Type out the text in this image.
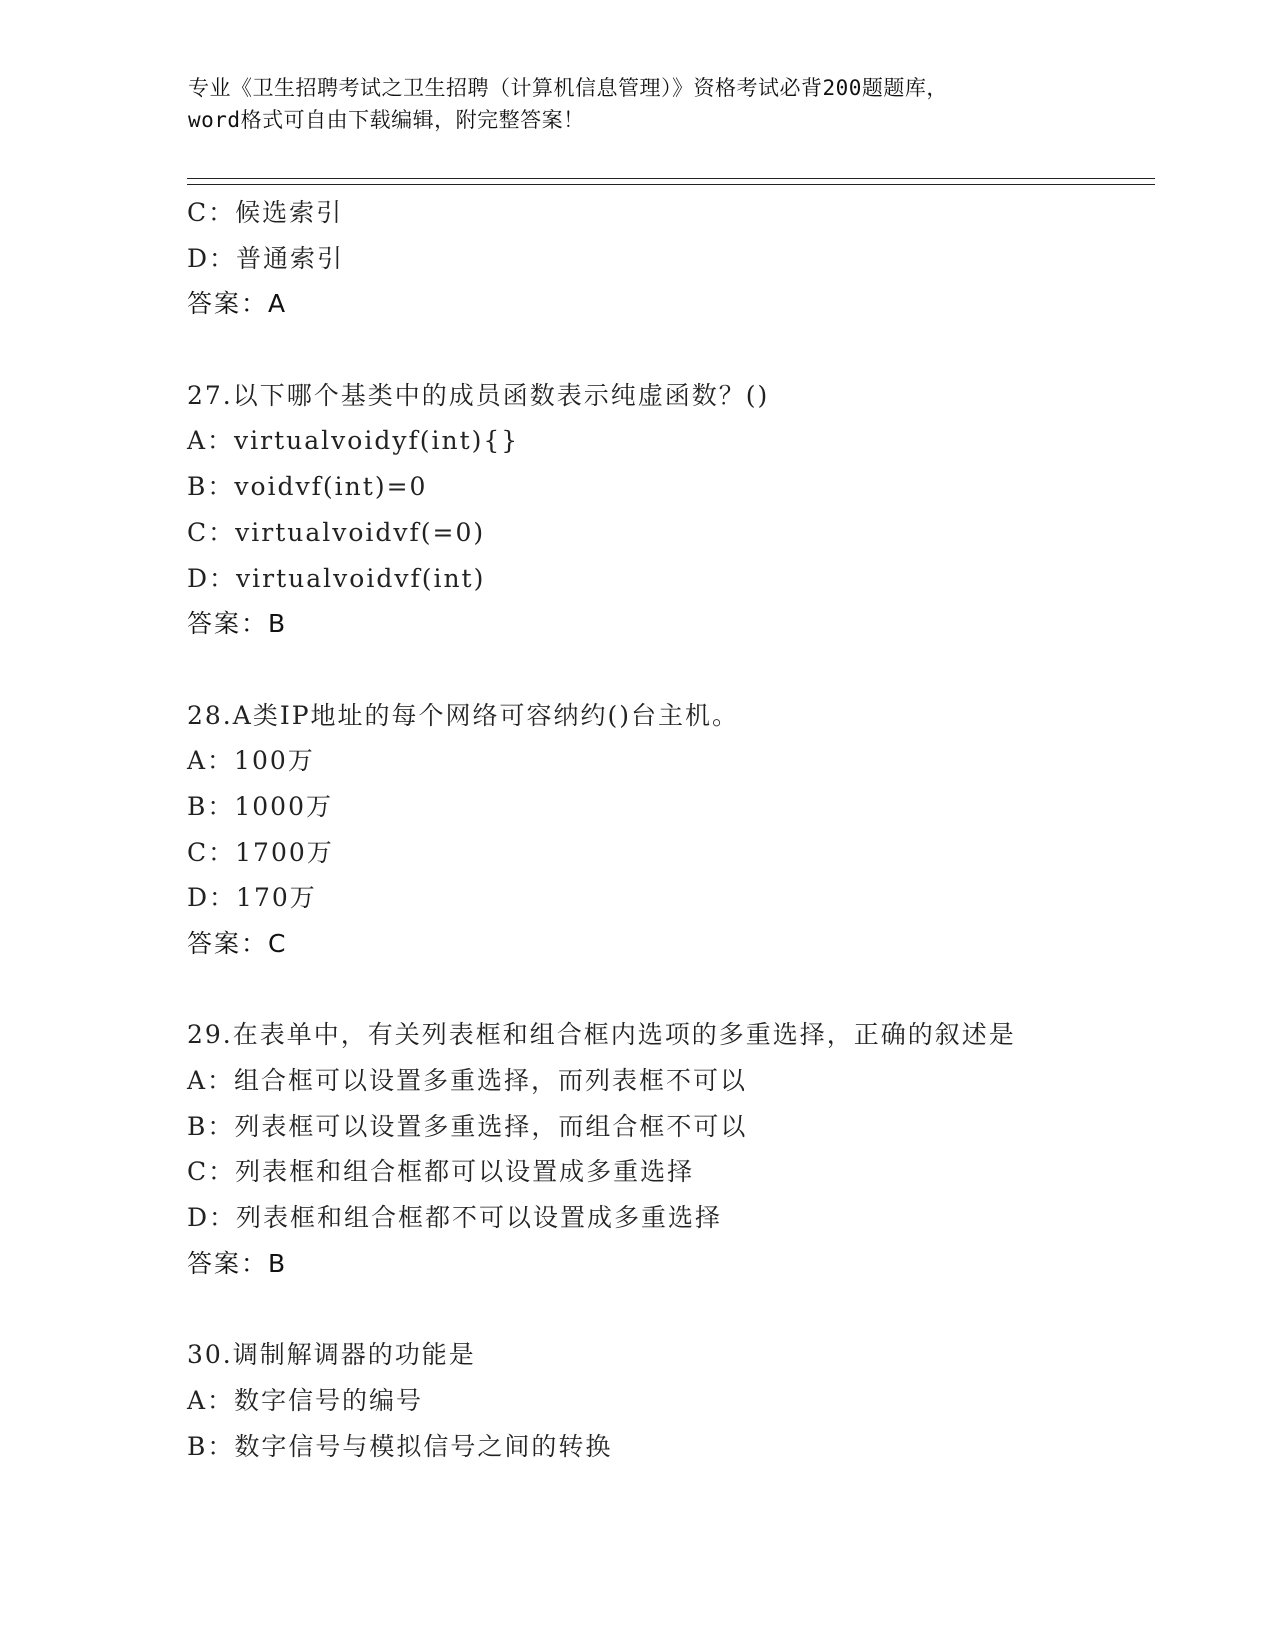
专业《卫生招聘考试之卫生招聘（计算机信息管理）》资格考试必背200题题库，
word格式可自由下载编辑，附完整答案！
C：候选索引
D：普通索引
答案：A
27.以下哪个基类中的成员函数表示纯虚函数？()
A：virtualvoidyf(int){}
B：voidvf(int)=0
C：virtualvoidvf(=0)
D：virtualvoidvf(int)
答案：B
28.A类IP地址的每个网络可容纳约()台主机。
A：100万
B：1000万
C：1700万
D：170万
答案：C
29.在表单中，有关列表框和组合框内选项的多重选择，正确的叙述是
A：组合框可以设置多重选择，而列表框不可以
B：列表框可以设置多重选择，而组合框不可以
C：列表框和组合框都可以设置成多重选择
D：列表框和组合框都不可以设置成多重选择
答案：B
30.调制解调器的功能是
A：数字信号的编号
B：数字信号与模拟信号之间的转换
